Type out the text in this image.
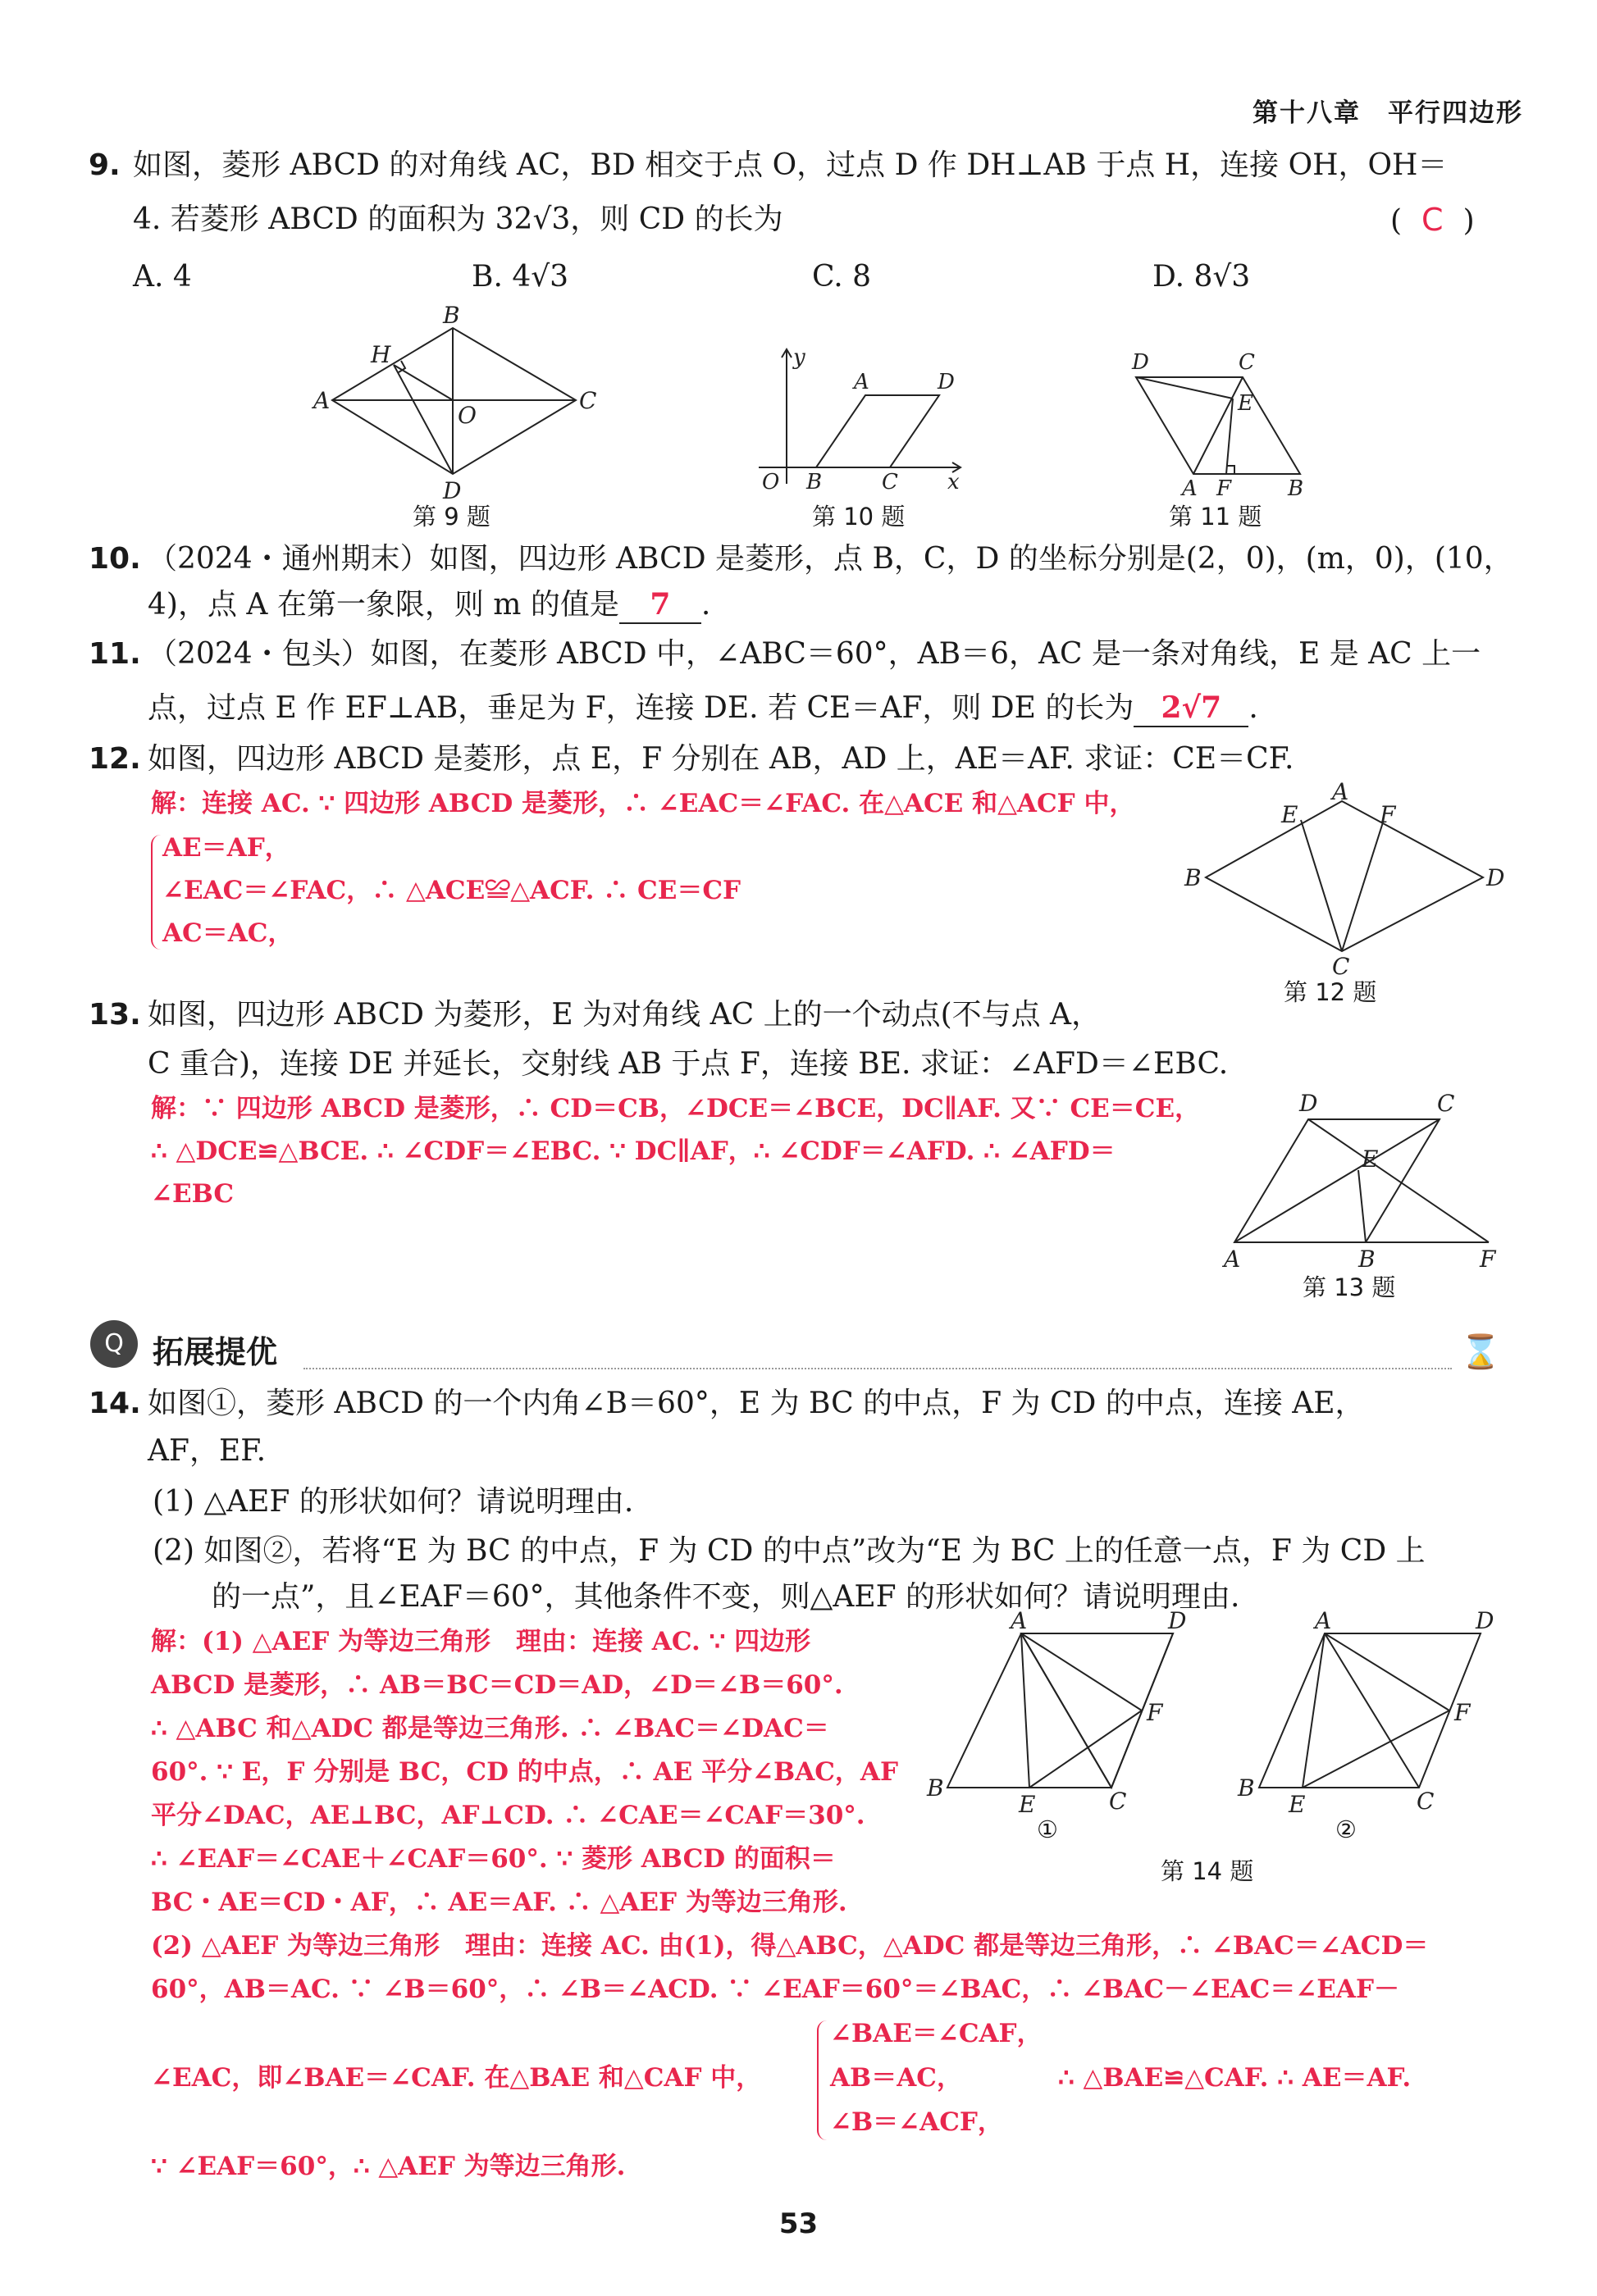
第十八章　平行四边形
9. 如图，菱形 ABCD 的对角线 AC，BD 相交于点 O，过点 D 作 DH⊥AB 于点 H，连接 OH，OH＝
4. 若菱形 ABCD 的面积为 32√3，则 CD 的长为	( C )
A. 4	B. 4√3	C. 8	D. 8√3
B
A	C
D
H
O
第 9 题
y
O B	C
A	D
x
第 10 题
D	C
E
A F	B
第 11 题
10. （2024・通州期末）如图，四边形 ABCD 是菱形，点 B，C，D 的坐标分别是(2，0)，(m，0)，(10，
4)，点 A 在第一象限，则 m 的值是 7 .
11. （2024・包头）如图，在菱形 ABCD 中，∠ABC＝60°，AB＝6，AC 是一条对角线，E 是 AC 上一
点，过点 E 作 EF⊥AB，垂足为 F，连接 DE. 若 CE＝AF，则 DE 的长为 2√7 .
12. 如图，四边形 ABCD 是菱形，点 E，F 分别在 AB，AD 上，AE＝AF. 求证：CE＝CF.
解：连接 AC. ∵ 四边形 ABCD 是菱形，∴ ∠EAC＝∠FAC. 在△ACE 和△ACF 中，
AE＝AF，
∠EAC＝∠FAC，∴ △ACE≌△ACF. ∴ CE＝CF
AC＝AC，
A
E	F
B	D
C
第 12 题
13. 如图，四边形 ABCD 为菱形，E 为对角线 AC 上的一个动点(不与点 A，
C 重合)，连接 DE 并延长，交射线 AB 于点 F，连接 BE. 求证：∠AFD＝∠EBC.
解：∵ 四边形 ABCD 是菱形，∴ CD＝CB，∠DCE＝∠BCE，DC∥AF. 又∵ CE＝CE，
∴ △DCE≌△BCE. ∴ ∠CDF＝∠EBC. ∵ DC∥AF，∴ ∠CDF＝∠AFD. ∴ ∠AFD＝
∠EBC
D	C
E
A	B	F
第 13 题
Q 拓展提优	⌛
14. 如图①，菱形 ABCD 的一个内角∠B＝60°，E 为 BC 的中点，F 为 CD 的中点，连接 AE，
AF，EF.
(1) △AEF 的形状如何？请说明理由.
(2) 如图②，若将“E 为 BC 的中点，F 为 CD 的中点”改为“E 为 BC 上的任意一点，F 为 CD 上
的一点”，且∠EAF＝60°，其他条件不变，则△AEF 的形状如何？请说明理由.
解：(1) △AEF 为等边三角形　理由：连接 AC. ∵ 四边形
ABCD 是菱形，∴ AB＝BC＝CD＝AD，∠D＝∠B＝60°.
∴ △ABC 和△ADC 都是等边三角形. ∴ ∠BAC＝∠DAC＝
60°. ∵ E，F 分别是 BC，CD 的中点，∴ AE 平分∠BAC，AF
平分∠DAC，AE⊥BC，AF⊥CD. ∴ ∠CAE＝∠CAF＝30°.
∴ ∠EAF＝∠CAE＋∠CAF＝60°. ∵ 菱形 ABCD 的面积＝
BC・AE＝CD・AF，∴ AE＝AF. ∴ △AEF 为等边三角形.
(2) △AEF 为等边三角形　理由：连接 AC. 由(1)，得△ABC，△ADC 都是等边三角形，∴ ∠BAC＝∠ACD＝
60°，AB＝AC. ∵ ∠B＝60°，∴ ∠B＝∠ACD. ∵ ∠EAF＝60°＝∠BAC，∴ ∠BAC－∠EAC＝∠EAF－
∠EAC，即∠BAE＝∠CAF. 在△BAE 和△CAF 中，
∠BAE＝∠CAF，
AB＝AC，
∠B＝∠ACF，
∴ △BAE≌△CAF. ∴ AE＝AF.
∵ ∠EAF＝60°，∴ △AEF 为等边三角形.
A	D
B
E	C
F
①
A	D
B
E	C
F
②
第 14 题
53
